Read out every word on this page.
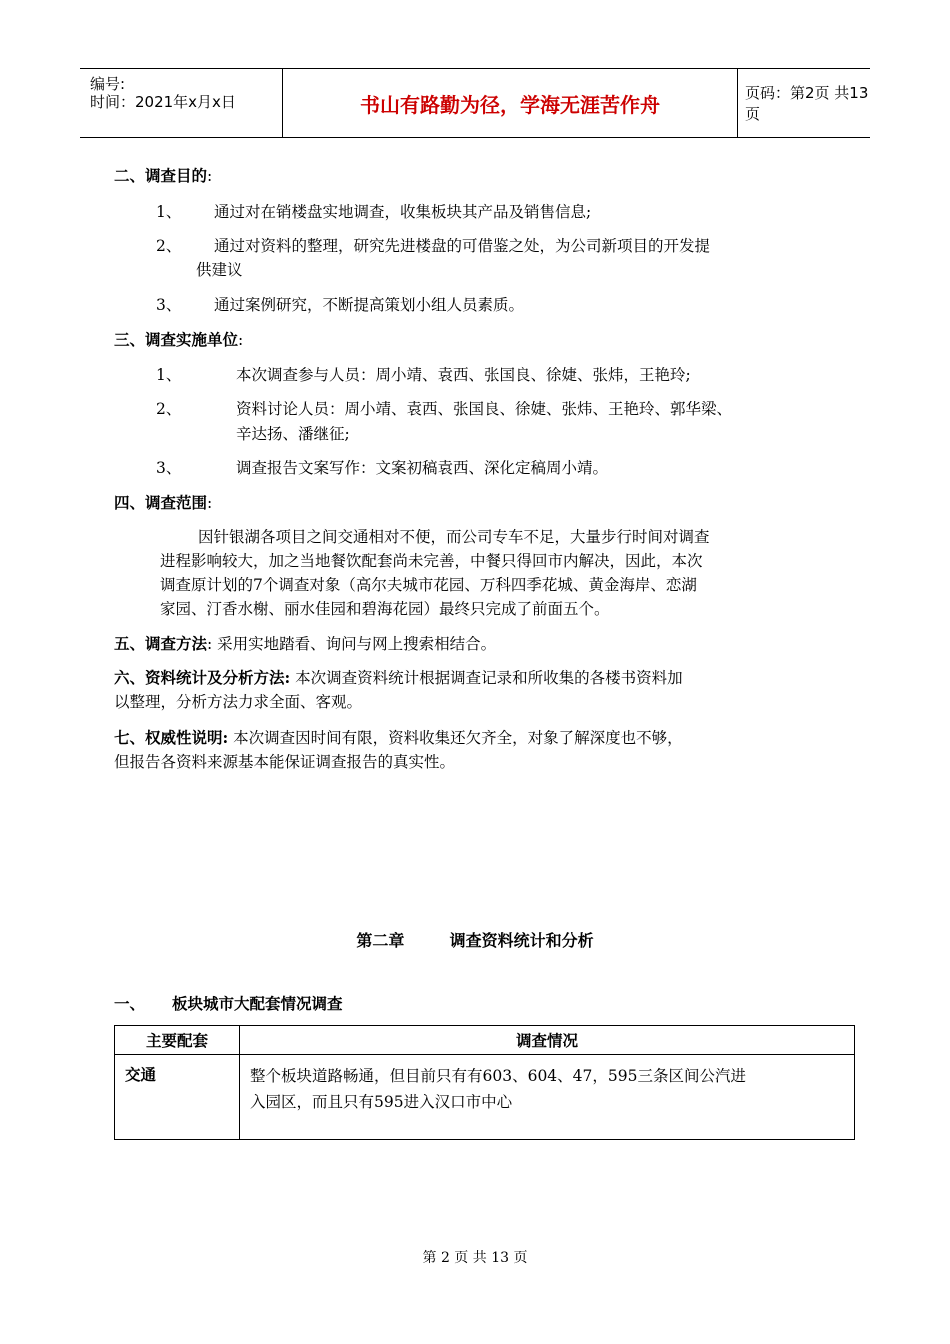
编号:
时间：2021年x月x日	书山有路勤为径，学海无涯苦作舟	页码：第2页 共13页
二、调查目的:
1、 通过对在销楼盘实地调查，收集板块其产品及销售信息;
2、 通过对资料的整理，研究先进楼盘的可借鉴之处，为公司新项目的开发提
供建议
3、 通过案例研究，不断提高策划小组人员素质。
三、调查实施单位:
1、	本次调查参与人员：周小靖、袁西、张国良、徐婕、张炜，王艳玲;
2、	资料讨论人员：周小靖、袁西、张国良、徐婕、张炜、王艳玲、郭华梁、
辛达扬、潘继征;
3、	调查报告文案写作：文案初稿袁西、深化定稿周小靖。
四、调查范围:
因针银湖各项目之间交通相对不便，而公司专车不足，大量步行时间对调查
进程影响较大，加之当地餐饮配套尚未完善，中餐只得回市内解决，因此，本次
调查原计划的7个调查对象（高尔夫城市花园、万科四季花城、黄金海岸、恋湖
家园、汀香水榭、丽水佳园和碧海花园）最终只完成了前面五个。
五、调查方法: 采用实地踏看、询问与网上搜索相结合。
六、资料统计及分析方法: 本次调查资料统计根据调查记录和所收集的各楼书资料加
以整理，分析方法力求全面、客观。
七、权威性说明: 本次调查因时间有限，资料收集还欠齐全，对象了解深度也不够，
但报告各资料来源基本能保证调查报告的真实性。
第二章	调查资料统计和分析
一、 板块城市大配套情况调查
主要配套	调查情况
交通	整个板块道路畅通，但目前只有有603、604、47，595三条区间公汽进
入园区，而且只有595进入汉口市中心
第 2 页 共 13 页
